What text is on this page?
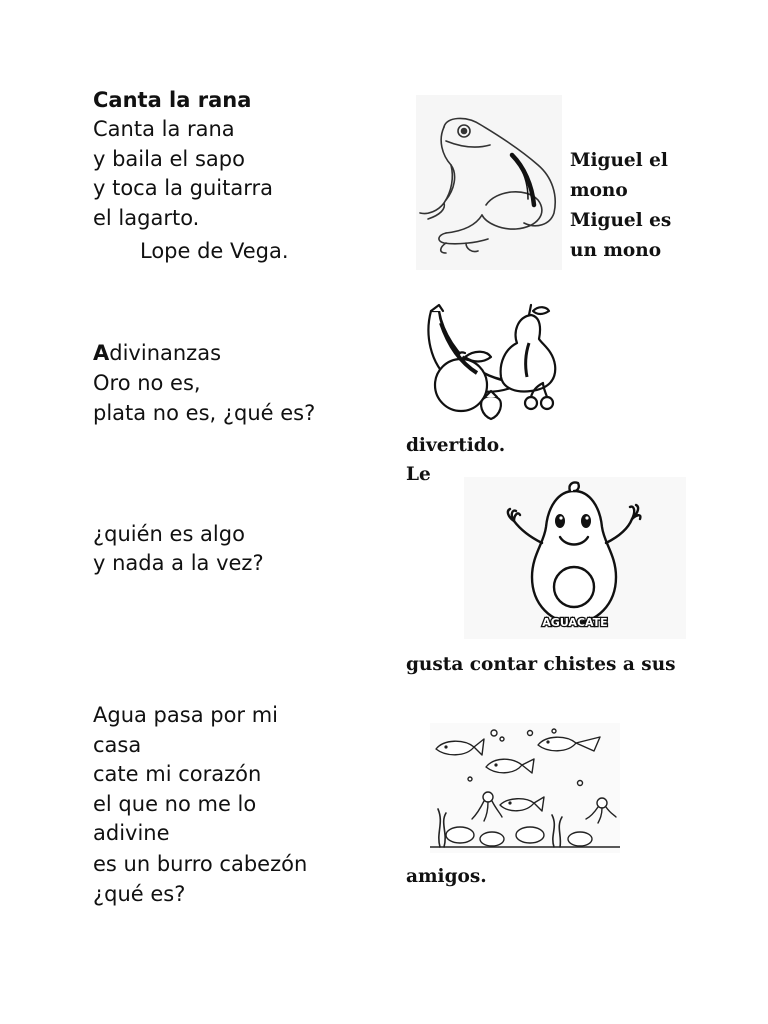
Canta la rana
Canta la rana
y baila el sapo
y toca la guitarra
el lagarto.
Lope de Vega.
Adivinanzas
Oro no es,
plata no es, ¿qué es?
¿quién es algo
y nada a la vez?
Agua pasa por mi
casa
cate mi corazón
el que no me lo
adivine
es un burro cabezón
¿qué es?
Miguel el
mono
Miguel es
un mono
divertido.
Le
gusta contar chistes a sus
amigos.
AGUACATE
